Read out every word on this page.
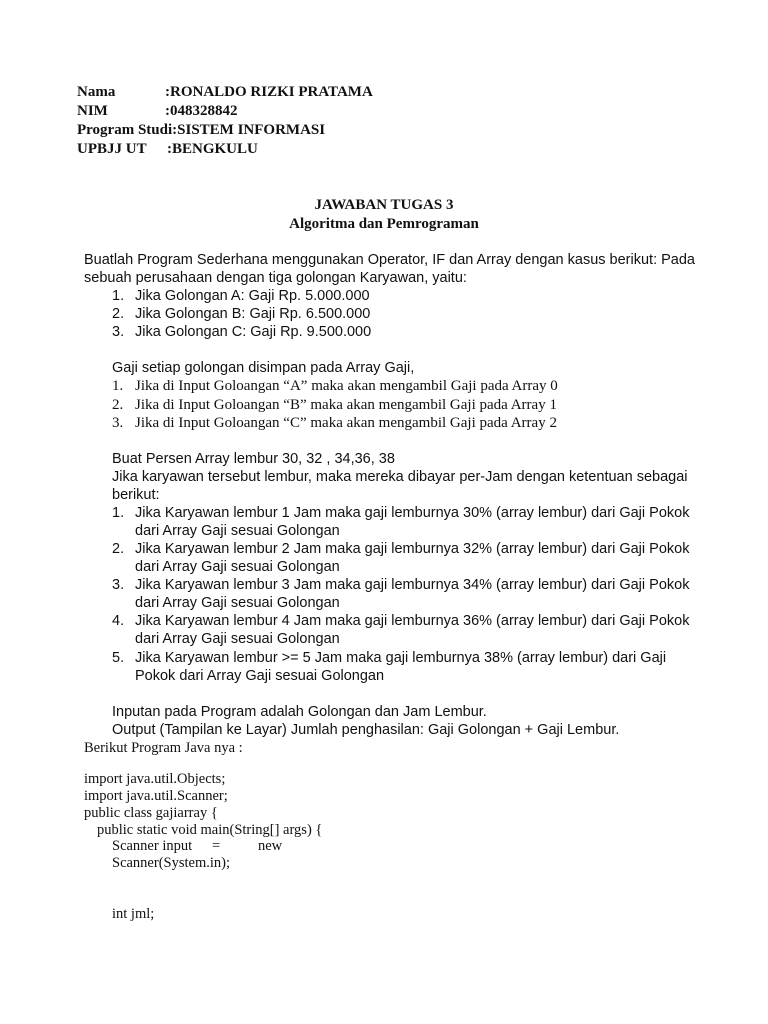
Nama	:RONALDO RIZKI PRATAMA
NIM	:048328842
Program Studi:SISTEM INFORMASI
UPBJJ UT :BENGKULU
JAWABAN TUGAS 3
Algoritma dan Pemrograman
Buatlah Program Sederhana menggunakan Operator, IF dan Array dengan kasus berikut: Pada
sebuah perusahaan dengan tiga golongan Karyawan, yaitu:
1. Jika Golongan A: Gaji Rp. 5.000.000
2. Jika Golongan B: Gaji Rp. 6.500.000
3. Jika Golongan C: Gaji Rp. 9.500.000
Gaji setiap golongan disimpan pada Array Gaji,
1. Jika di Input Goloangan “A” maka akan mengambil Gaji pada Array 0
2. Jika di Input Goloangan “B” maka akan mengambil Gaji pada Array 1
3. Jika di Input Goloangan “C” maka akan mengambil Gaji pada Array 2
Buat Persen Array lembur 30, 32 , 34,36, 38
Jika karyawan tersebut lembur, maka mereka dibayar per-Jam dengan ketentuan sebagai
berikut:
1. Jika Karyawan lembur 1 Jam maka gaji lemburnya 30% (array lembur) dari Gaji Pokok
dari Array Gaji sesuai Golongan
2. Jika Karyawan lembur 2 Jam maka gaji lemburnya 32% (array lembur) dari Gaji Pokok
dari Array Gaji sesuai Golongan
3. Jika Karyawan lembur 3 Jam maka gaji lemburnya 34% (array lembur) dari Gaji Pokok
dari Array Gaji sesuai Golongan
4. Jika Karyawan lembur 4 Jam maka gaji lemburnya 36% (array lembur) dari Gaji Pokok
dari Array Gaji sesuai Golongan
5. Jika Karyawan lembur >= 5 Jam maka gaji lemburnya 38% (array lembur) dari Gaji
Pokok dari Array Gaji sesuai Golongan
Inputan pada Program adalah Golongan dan Jam Lembur.
Output (Tampilan ke Layar) Jumlah penghasilan: Gaji Golongan + Gaji Lembur.
Berikut Program Java nya :
import java.util.Objects;
import java.util.Scanner;
public class gajiarray {
public static void main(String[] args) {
Scanner input =	new
Scanner(System.in);
int jml;
